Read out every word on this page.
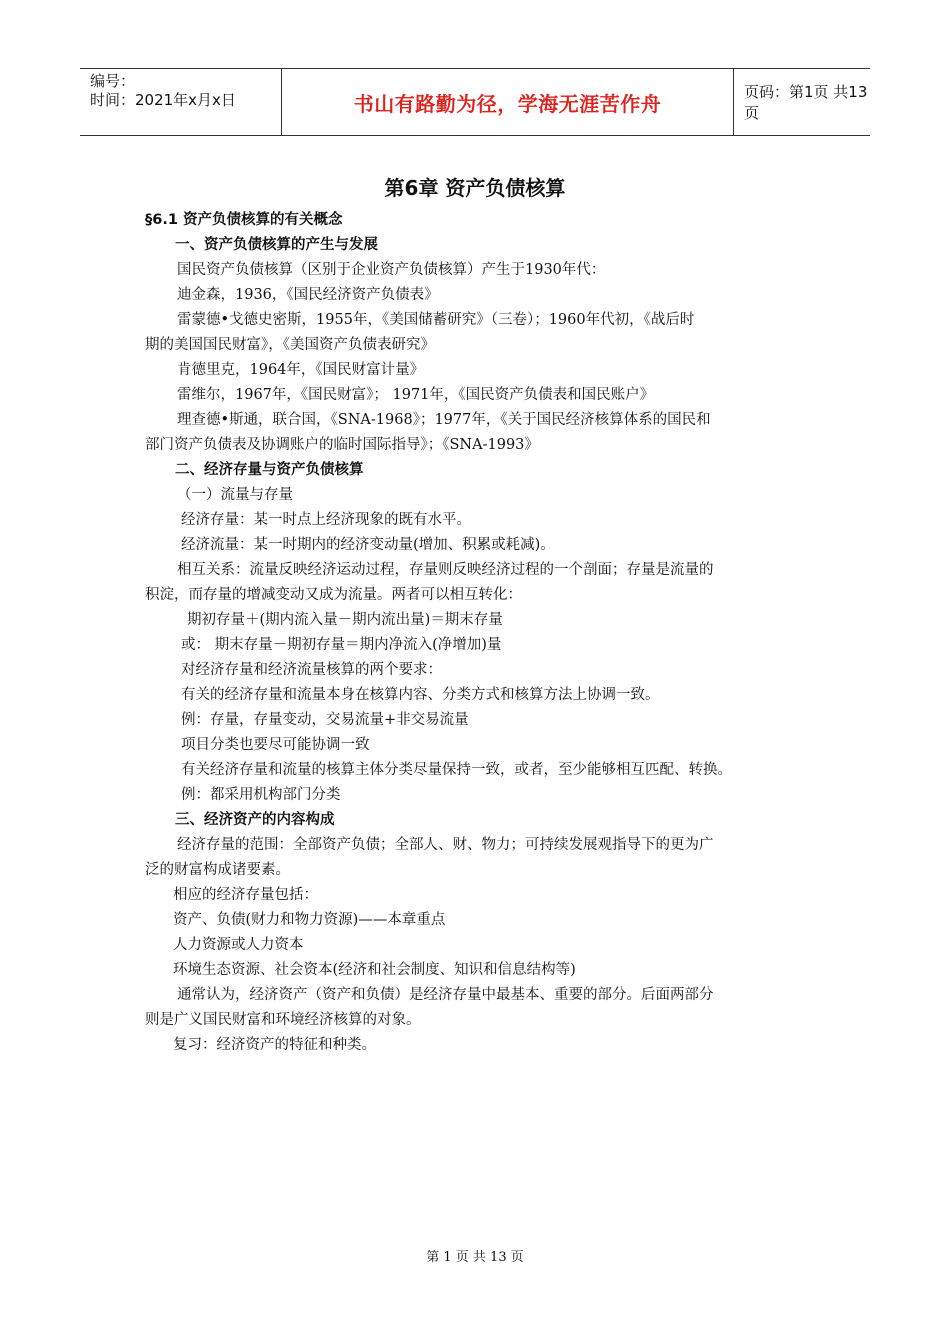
编号：
时间：2021年x月x日	书山有路勤为径，学海无涯苦作舟	页码：第1页 共13页
第6章 资产负债核算
§6.1 资产负债核算的有关概念
一、资产负债核算的产生与发展
国民资产负债核算（区别于企业资产负债核算）产生于1930年代：
迪金森，1936，《国民经济资产负债表》
雷蒙德•戈德史密斯，1955年，《美国储蓄研究》（三卷）；1960年代初，《战后时
期的美国国民财富》，《美国资产负债表研究》
肯德里克，1964年，《国民财富计量》
雷维尔，1967年，《国民财富》； 1971年，《国民资产负债表和国民账户》
理查德•斯通，联合国，《SNA-1968》；1977年，《关于国民经济核算体系的国民和
部门资产负债表及协调账户的临时国际指导》；《SNA-1993》
二、经济存量与资产负债核算
（一）流量与存量
经济存量：某一时点上经济现象的既有水平。
经济流量：某一时期内的经济变动量(增加、积累或耗减)。
相互关系：流量反映经济运动过程，存量则反映经济过程的一个剖面；存量是流量的
积淀，而存量的增减变动又成为流量。两者可以相互转化：
期初存量＋(期内流入量－期内流出量)＝期末存量
或： 期末存量－期初存量＝期内净流入(净增加)量
对经济存量和经济流量核算的两个要求：
有关的经济存量和流量本身在核算内容、分类方式和核算方法上协调一致。
例：存量，存量变动，交易流量+非交易流量
项目分类也要尽可能协调一致
有关经济存量和流量的核算主体分类尽量保持一致，或者，至少能够相互匹配、转换。
例：都采用机构部门分类
三、经济资产的内容构成
经济存量的范围：全部资产负债；全部人、财、物力；可持续发展观指导下的更为广
泛的财富构成诸要素。
相应的经济存量包括：
资产、负债(财力和物力资源)——本章重点
人力资源或人力资本
环境生态资源、社会资本(经济和社会制度、知识和信息结构等)
通常认为，经济资产（资产和负债）是经济存量中最基本、重要的部分。后面两部分
则是广义国民财富和环境经济核算的对象。
复习：经济资产的特征和种类。
第 1 页 共 13 页
